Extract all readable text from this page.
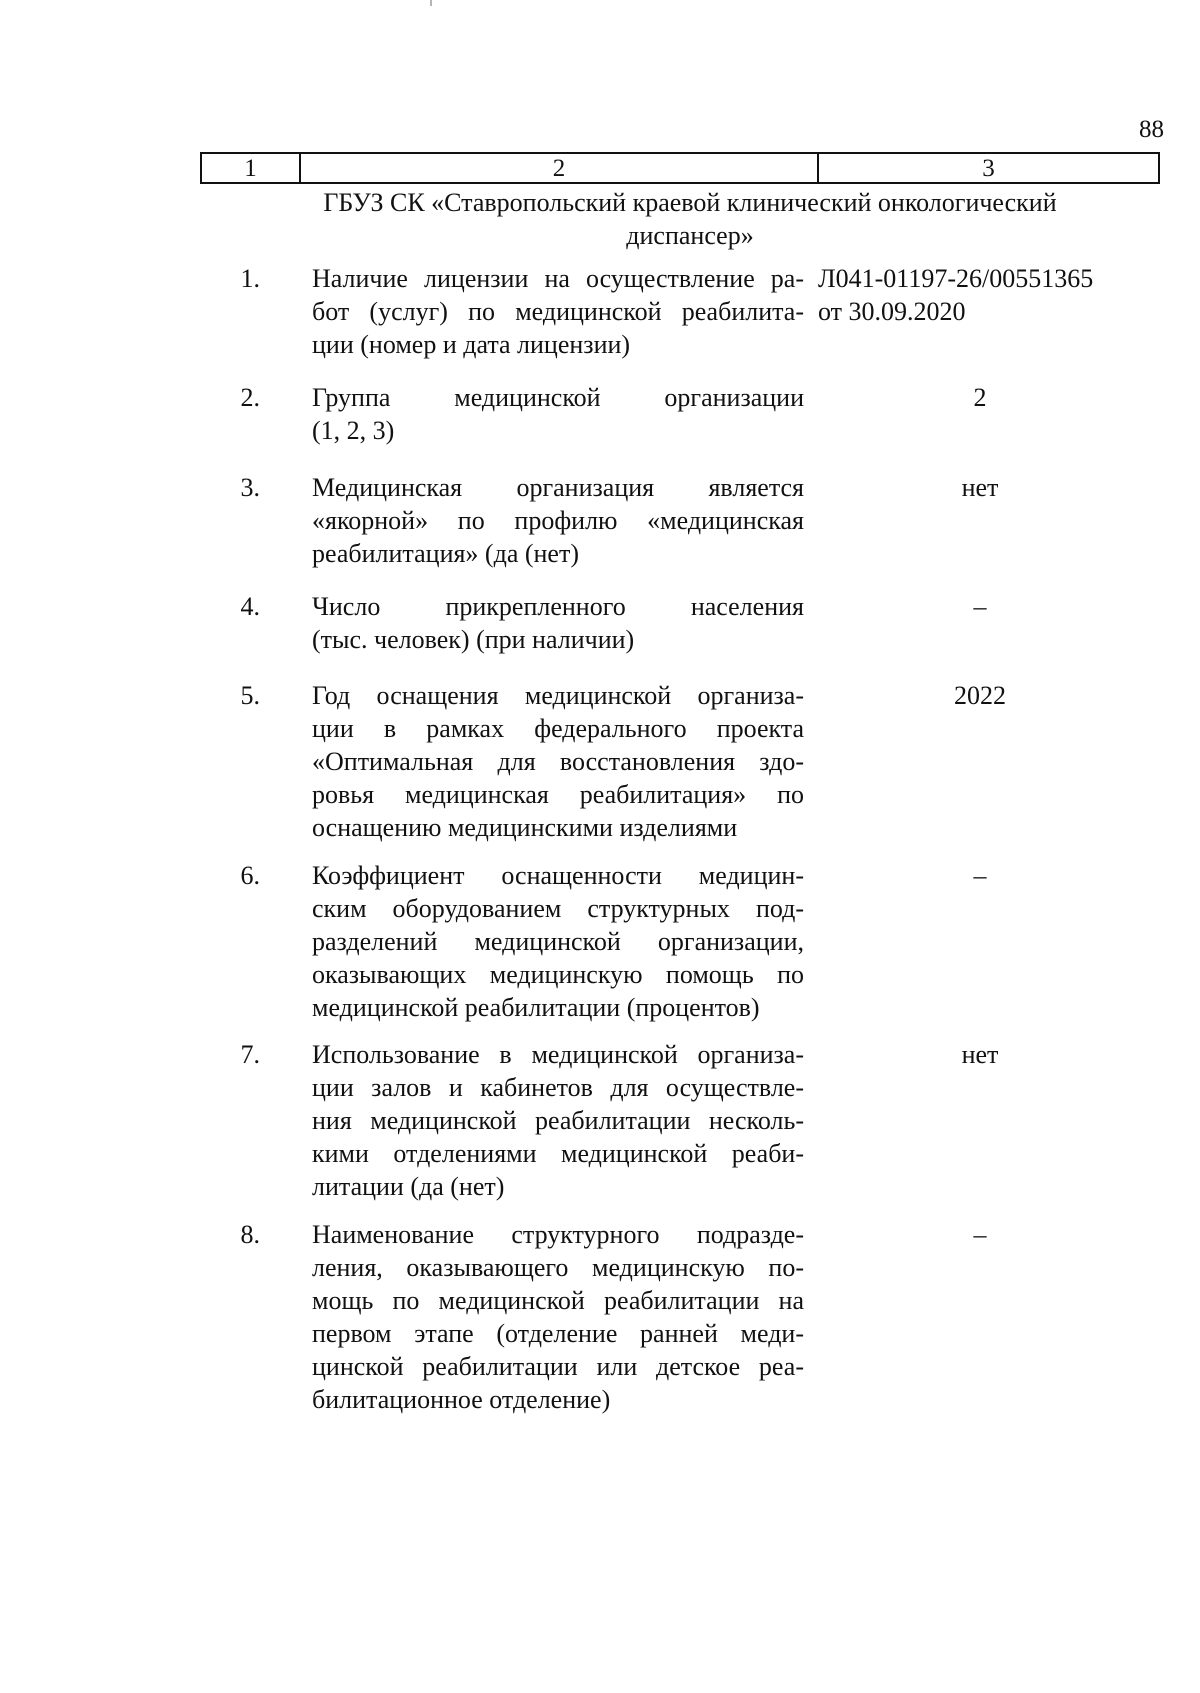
88
1	2	3
ГБУЗ СК «Ставропольский краевой клинический онкологический
диспансер»
1. Наличие лицензии на осуществление ра-
бот (услуг) по медицинской реабилита-
ции (номер и дата лицензии)
Л041-01197-26/00551365
от 30.09.2020
2. Группа медицинской организации
(1, 2, 3)
2
3. Медицинская организация является
«якорной» по профилю «медицинская
реабилитация» (да (нет)
нет
4. Число прикрепленного населения
(тыс. человек) (при наличии)
–
5. Год оснащения медицинской организа-
ции в рамках федерального проекта
«Оптимальная для восстановления здо-
ровья медицинская реабилитация» по
оснащению медицинскими изделиями
2022
6. Коэффициент оснащенности медицин-
ским оборудованием структурных под-
разделений медицинской организации,
оказывающих медицинскую помощь по
медицинской реабилитации (процентов)
–
7. Использование в медицинской организа-
ции залов и кабинетов для осуществле-
ния медицинской реабилитации несколь-
кими отделениями медицинской реаби-
литации (да (нет)
нет
8. Наименование структурного подразде-
ления, оказывающего медицинскую по-
мощь по медицинской реабилитации на
первом этапе (отделение ранней меди-
цинской реабилитации или детское реа-
билитационное отделение)
–
